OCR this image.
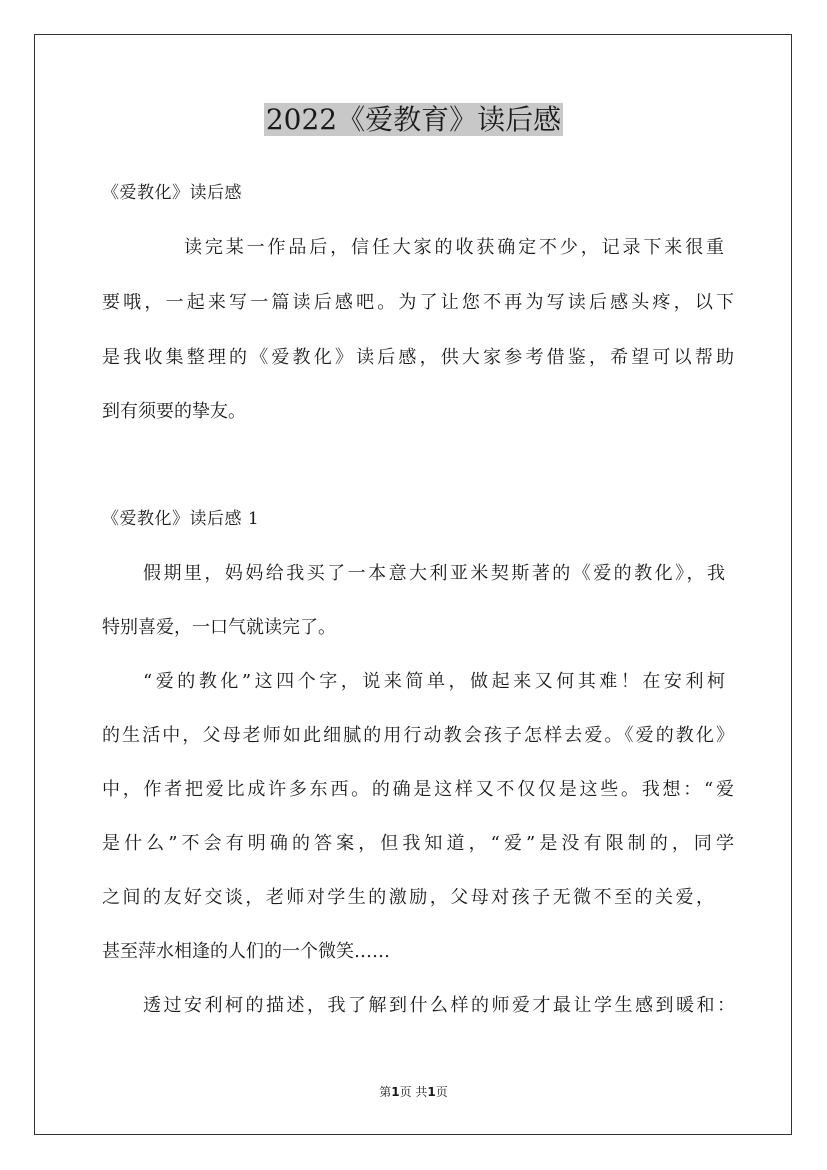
2022《爱教育》读后感
《爱教化》读后感
读完某一作品后，信任大家的收获确定不少，记录下来很重
要哦，一起来写一篇读后感吧。为了让您不再为写读后感头疼，以下
是我收集整理的《爱教化》读后感，供大家参考借鉴，希望可以帮助
到有须要的挚友。
《爱教化》读后感 1
假期里，妈妈给我买了一本意大利亚米契斯著的《爱的教化》，我
特别喜爱，一口气就读完了。
“爱的教化”这四个字，说来简单，做起来又何其难！在安利柯
的生活中，父母老师如此细腻的用行动教会孩子怎样去爱。《爱的教化》
中，作者把爱比成许多东西。的确是这样又不仅仅是这些。我想：“爱
是什么”不会有明确的答案，但我知道，“爱”是没有限制的，同学
之间的友好交谈，老师对学生的激励，父母对孩子无微不至的关爱，
甚至萍水相逢的人们的一个微笑……
透过安利柯的描述，我了解到什么样的师爱才最让学生感到暖和：
第1页 共1页
